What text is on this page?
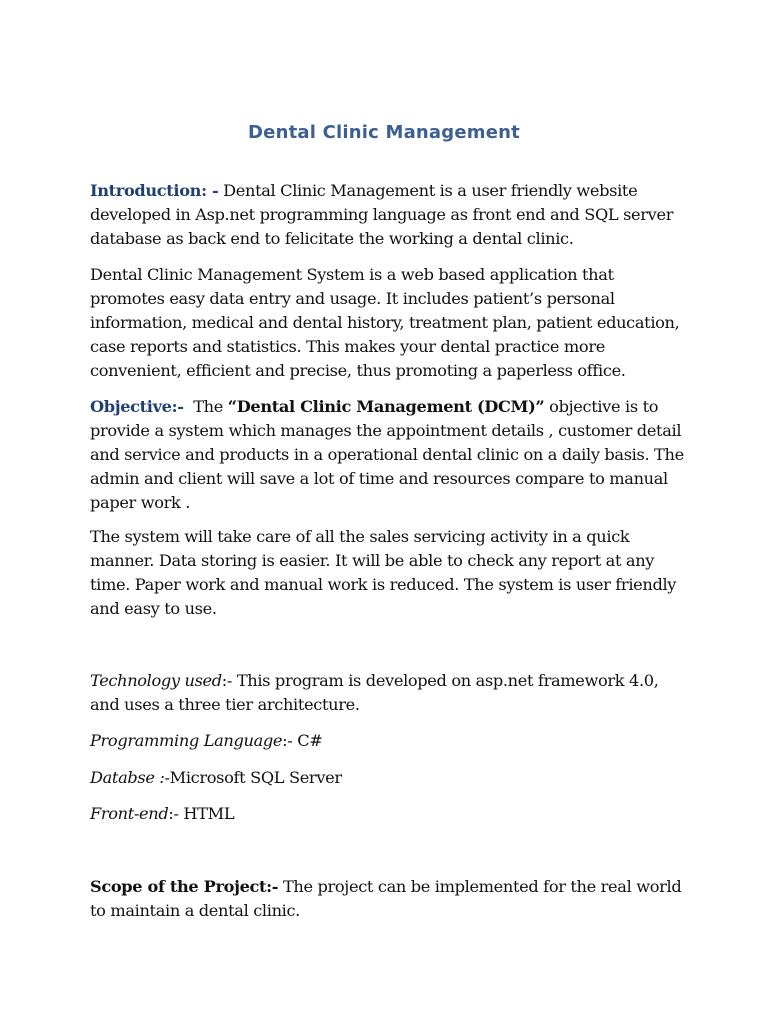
Dental Clinic Management
Introduction: - Dental Clinic Management is a user friendly website
developed in Asp.net programming language as front end and SQL server
database as back end to felicitate the working a dental clinic.
Dental Clinic Management System is a web based application that
promotes easy data entry and usage. It includes patient’s personal
information, medical and dental history, treatment plan, patient education,
case reports and statistics. This makes your dental practice more
convenient, efficient and precise, thus promoting a paperless office.
Objective:-  The “Dental Clinic Management (DCM)” objective is to
provide a system which manages the appointment details , customer detail
and service and products in a operational dental clinic on a daily basis. The
admin and client will save a lot of time and resources compare to manual
paper work .
The system will take care of all the sales servicing activity in a quick
manner. Data storing is easier. It will be able to check any report at any
time. Paper work and manual work is reduced. The system is user friendly
and easy to use.
Technology used:- This program is developed on asp.net framework 4.0,
and uses a three tier architecture.
Programming Language:- C#
Databse :-Microsoft SQL Server
Front-end:- HTML
Scope of the Project:- The project can be implemented for the real world
to maintain a dental clinic.
